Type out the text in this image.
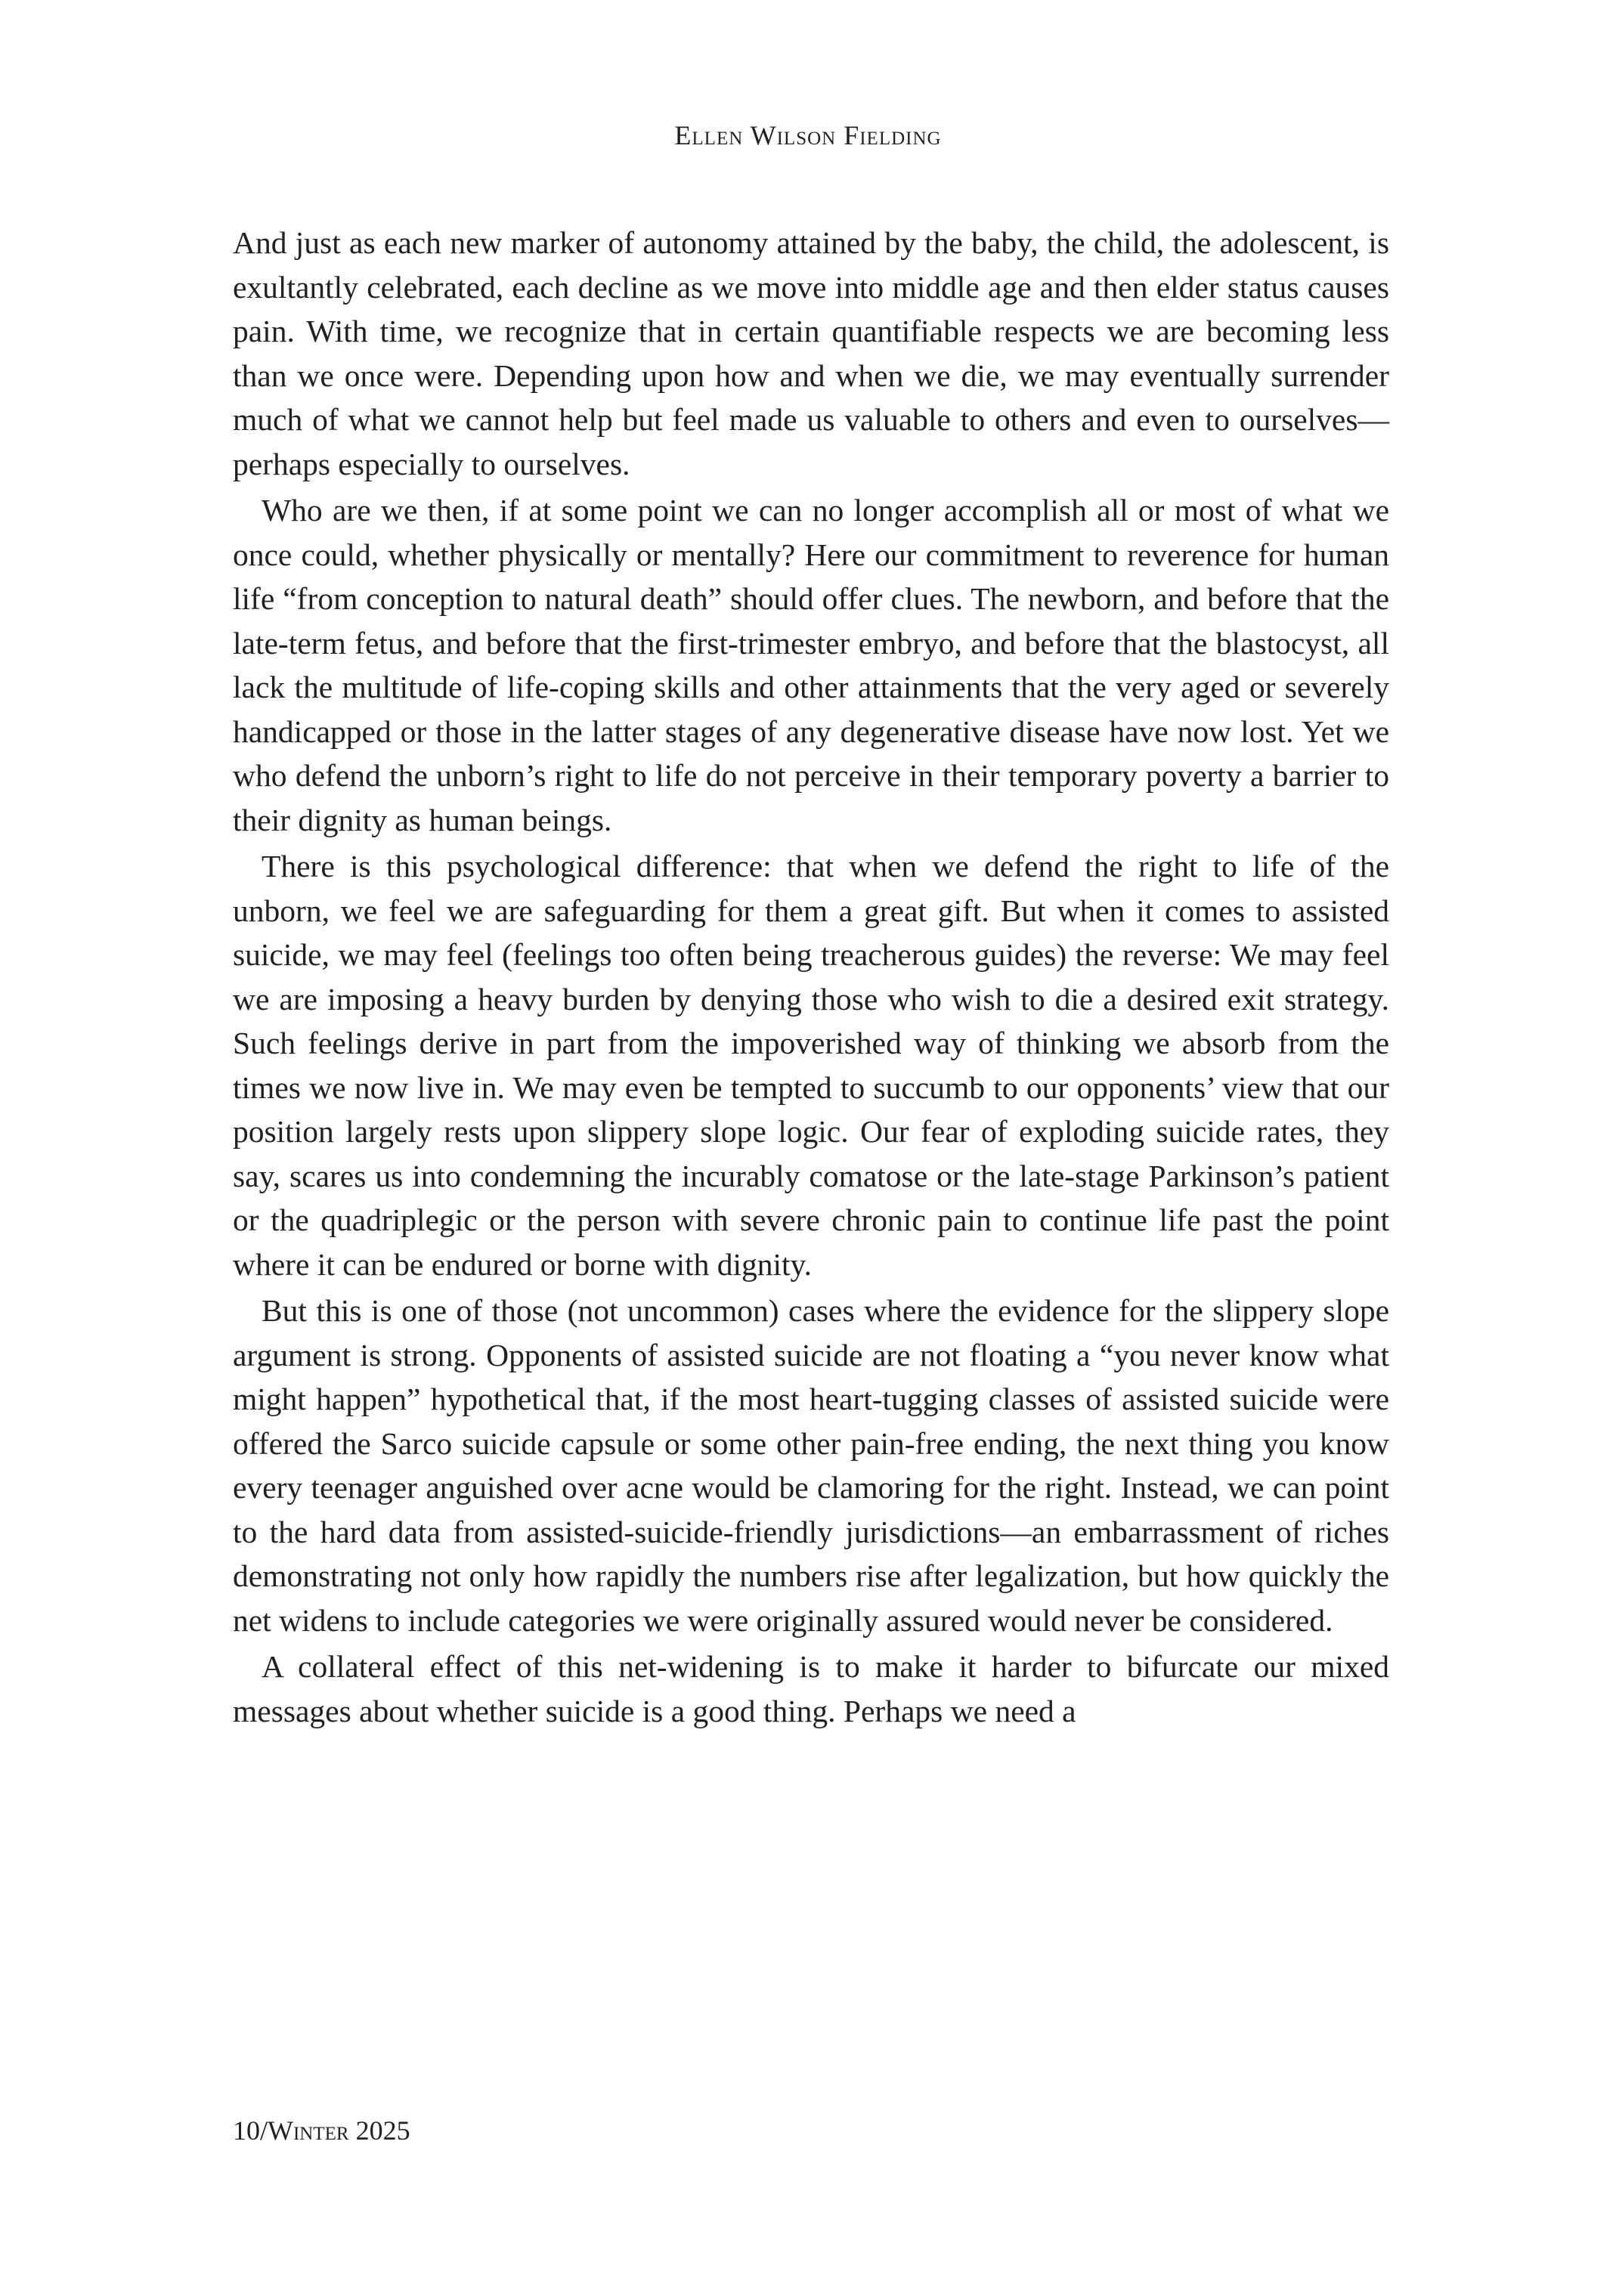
Ellen Wilson Fielding

And just as each new marker of autonomy attained by the baby, the child, the adolescent, is exultantly celebrated, each decline as we move into middle age and then elder status causes pain. With time, we recognize that in certain quantifiable respects we are becoming less than we once were. Depending upon how and when we die, we may eventually surrender much of what we cannot help but feel made us valuable to others and even to ourselves—perhaps especially to ourselves.

Who are we then, if at some point we can no longer accomplish all or most of what we once could, whether physically or mentally? Here our commitment to reverence for human life “from conception to natural death” should offer clues. The newborn, and before that the late-term fetus, and before that the first-trimester embryo, and before that the blastocyst, all lack the multitude of life-coping skills and other attainments that the very aged or severely handicapped or those in the latter stages of any degenerative disease have now lost. Yet we who defend the unborn’s right to life do not perceive in their temporary poverty a barrier to their dignity as human beings.

There is this psychological difference: that when we defend the right to life of the unborn, we feel we are safeguarding for them a great gift. But when it comes to assisted suicide, we may feel (feelings too often being treacherous guides) the reverse: We may feel we are imposing a heavy burden by denying those who wish to die a desired exit strategy. Such feelings derive in part from the impoverished way of thinking we absorb from the times we now live in. We may even be tempted to succumb to our opponents’ view that our position largely rests upon slippery slope logic. Our fear of exploding suicide rates, they say, scares us into condemning the incurably comatose or the late-stage Parkinson’s patient or the quadriplegic or the person with severe chronic pain to continue life past the point where it can be endured or borne with dignity.

But this is one of those (not uncommon) cases where the evidence for the slippery slope argument is strong. Opponents of assisted suicide are not floating a “you never know what might happen” hypothetical that, if the most heart-tugging classes of assisted suicide were offered the Sarco suicide capsule or some other pain-free ending, the next thing you know every teenager anguished over acne would be clamoring for the right. Instead, we can point to the hard data from assisted-suicide-friendly jurisdictions—an embarrassment of riches demonstrating not only how rapidly the numbers rise after legalization, but how quickly the net widens to include categories we were originally assured would never be considered.

A collateral effect of this net-widening is to make it harder to bifurcate our mixed messages about whether suicide is a good thing. Perhaps we need a

10/Winter 2025
